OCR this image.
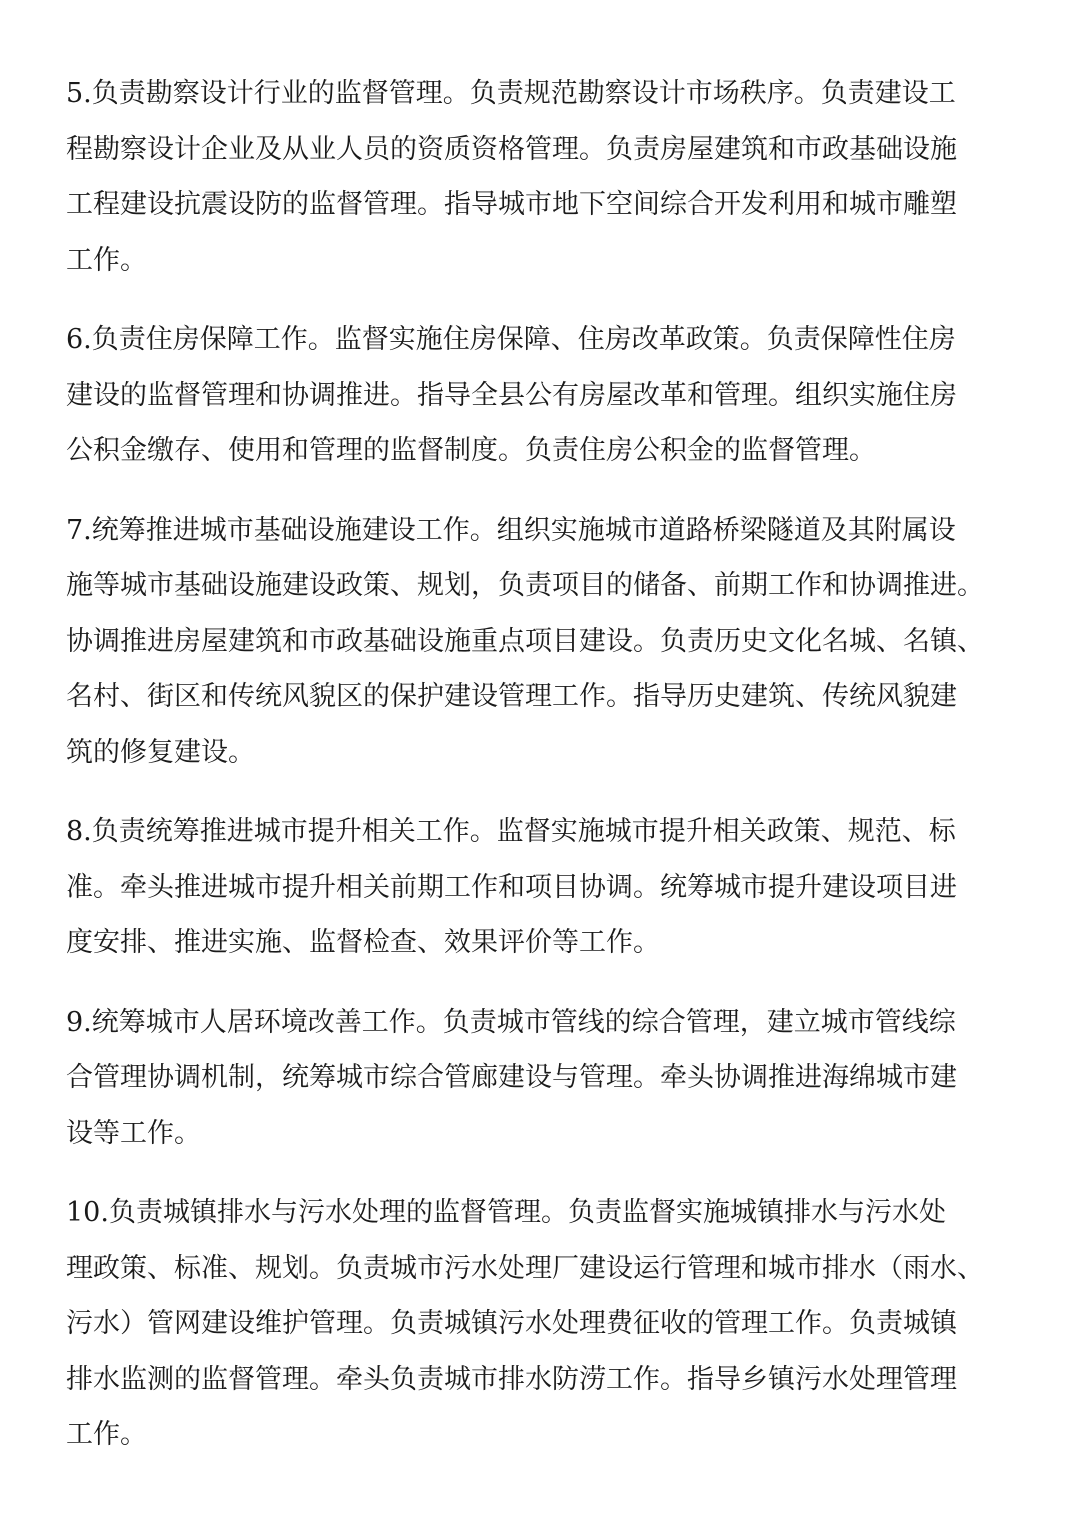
5.负责勘察设计行业的监督管理。负责规范勘察设计市场秩序。负责建设工
程勘察设计企业及从业人员的资质资格管理。负责房屋建筑和市政基础设施
工程建设抗震设防的监督管理。指导城市地下空间综合开发利用和城市雕塑
工作。

6.负责住房保障工作。监督实施住房保障、住房改革政策。负责保障性住房
建设的监督管理和协调推进。指导全县公有房屋改革和管理。组织实施住房
公积金缴存、使用和管理的监督制度。负责住房公积金的监督管理。

7.统筹推进城市基础设施建设工作。组织实施城市道路桥梁隧道及其附属设
施等城市基础设施建设政策、规划，负责项目的储备、前期工作和协调推进。
协调推进房屋建筑和市政基础设施重点项目建设。负责历史文化名城、名镇、
名村、街区和传统风貌区的保护建设管理工作。指导历史建筑、传统风貌建
筑的修复建设。

8.负责统筹推进城市提升相关工作。监督实施城市提升相关政策、规范、标
准。牵头推进城市提升相关前期工作和项目协调。统筹城市提升建设项目进
度安排、推进实施、监督检查、效果评价等工作。

9.统筹城市人居环境改善工作。负责城市管线的综合管理，建立城市管线综
合管理协调机制，统筹城市综合管廊建设与管理。牵头协调推进海绵城市建
设等工作。

10.负责城镇排水与污水处理的监督管理。负责监督实施城镇排水与污水处
理政策、标准、规划。负责城市污水处理厂建设运行管理和城市排水（雨水、
污水）管网建设维护管理。负责城镇污水处理费征收的管理工作。负责城镇
排水监测的监督管理。牵头负责城市排水防涝工作。指导乡镇污水处理管理
工作。
